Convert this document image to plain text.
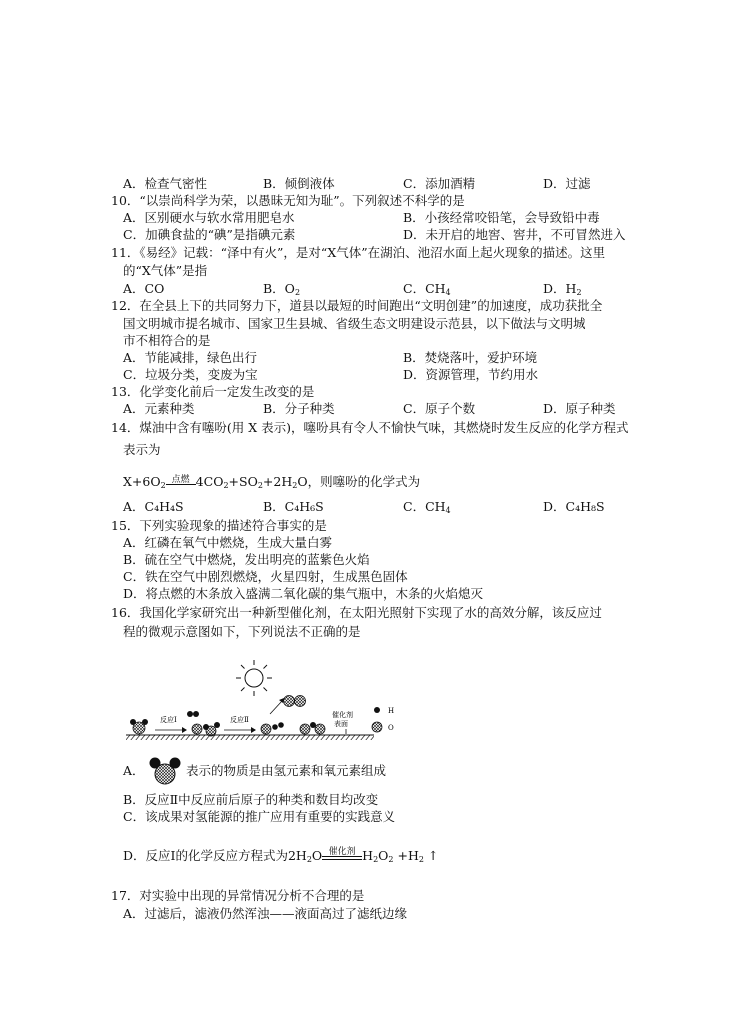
A．检查气密性	B．倾倒液体	C．添加酒精	D．过滤
10．“以崇尚科学为荣，以愚昧无知为耻”。下列叙述不科学的是
A．区别硬水与软水常用肥皂水	B．小孩经常咬铅笔，会导致铅中毒
C．加碘食盐的“碘”是指碘元素	D．未开启的地窖、窖井，不可冒然进入
11．《易经》记载：“泽中有火”，是对“X气体”在湖泊、池沼水面上起火现象的描述。这里
的“X气体”是指
A．CO	B．$O_2$	C．$CH_4$	D．$H_2$
12．在全县上下的共同努力下，道县以最短的时间跑出“文明创建”的加速度，成功获批全
国文明城市提名城市、国家卫生县城、省级生态文明建设示范县，以下做法与文明城
市不相符合的是
A．节能减排，绿色出行	B．焚烧落叶，爱护环境
C．垃圾分类，变废为宝	D．资源管理，节约用水
13．化学变化前后一定发生改变的是
A．元素种类	B．分子种类	C．原子个数	D．原子种类
14．煤油中含有噻吩(用 X 表示)，噻吩具有令人不愉快气味，其燃烧时发生反应的化学方程式
表示为
$X+6O_2$
点燃 $4CO_2+SO_2+2H_2O$，则噻吩的化学式为
A．C₄H₄S	B．C₄H₆S	C．$CH_4$	D．C₄H₈S
15．下列实验现象的描述符合事实的是
A．红磷在氧气中燃烧，生成大量白雾
B．硫在空气中燃烧，发出明亮的蓝紫色火焰
C．铁在空气中剧烈燃烧，火星四射，生成黑色固体
D．将点燃的木条放入盛满二氧化碳的集气瓶中，木条的火焰熄灭
16．我国化学家研究出一种新型催化剂，在太阳光照射下实现了水的高效分解，该反应过
程的微观示意图如下，下列说法不正确的是
反应Ⅰ	反应Ⅱ
催化剂
表面
H
O
A．	表示的物质是由氢元素和氧元素组成
B．反应Ⅱ中反应前后原子的种类和数目均改变
C．该成果对氢能源的推广应用有重要的实践意义
D．反应Ⅰ的化学反应方程式为$2H_2O$ 催化剂 $H_2O_2 +H_2$ ↑
17．对实验中出现的异常情况分析不合理的是
A．过滤后，滤液仍然浑浊——液面高过了滤纸边缘
